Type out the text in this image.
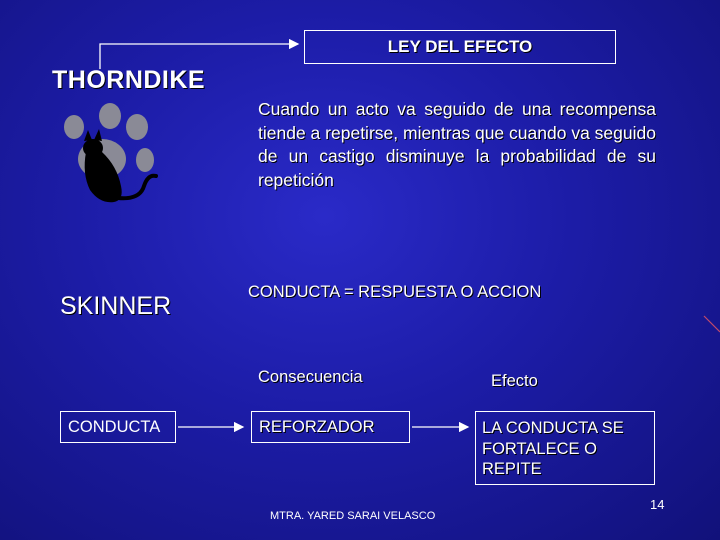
LEY DEL EFECTO
THORNDIKE
Cuando un acto va seguido de una recompensa tiende a repetirse, mientras que cuando va seguido de un castigo disminuye la probabilidad de su repetición
SKINNER	CONDUCTA = RESPUESTA O ACCION
Consecuencia	Efecto
CONDUCTA	REFORZADOR	LA CONDUCTA SE FORTALECE O REPITE
14
MTRA. YARED SARAI VELASCO
